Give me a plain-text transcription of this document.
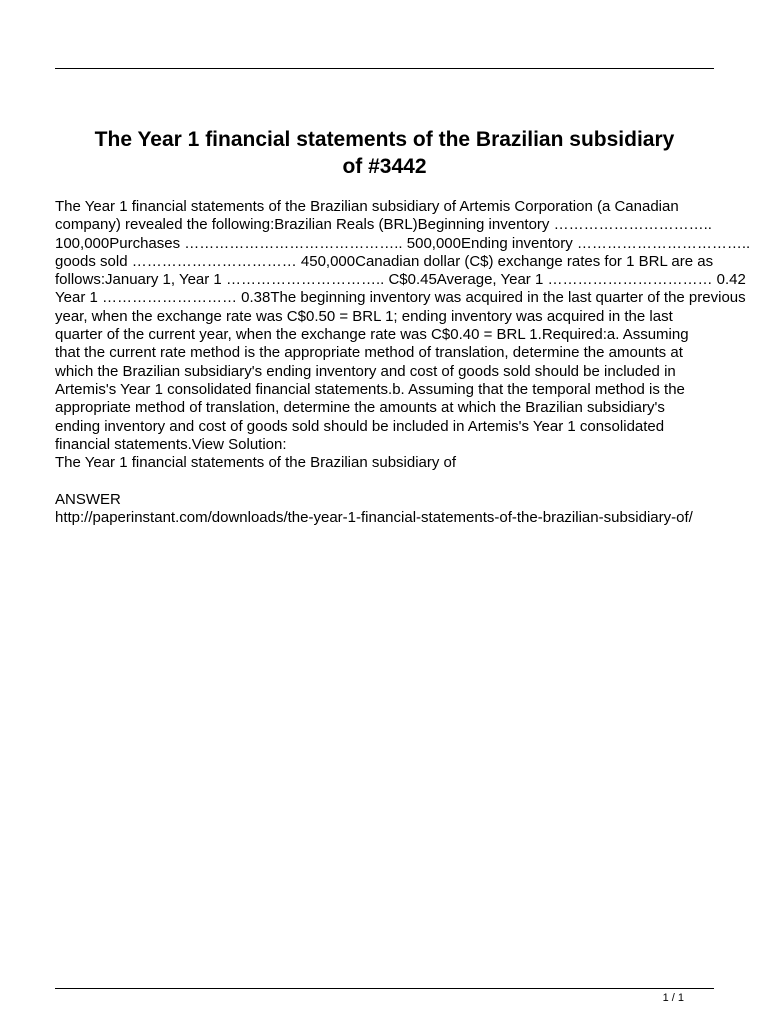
The Year 1 financial statements of the Brazilian subsidiary
of #3442
The Year 1 financial statements of the Brazilian subsidiary of Artemis Corporation (a Canadian
company) revealed the following:Brazilian Reals (BRL)Beginning inventory …………………………..
100,000Purchases …………………………………….. 500,000Ending inventory ……………………………..
goods sold …………………………… 450,000Canadian dollar (C$) exchange rates for 1 BRL are as
follows:January 1, Year 1 ………………………….. C$0.45Average, Year 1 …………………………… 0.42
Year 1 ……………………… 0.38The beginning inventory was acquired in the last quarter of the previous
year, when the exchange rate was C$0.50 = BRL 1; ending inventory was acquired in the last
quarter of the current year, when the exchange rate was C$0.40 = BRL 1.Required:a. Assuming
that the current rate method is the appropriate method of translation, determine the amounts at
which the Brazilian subsidiary's ending inventory and cost of goods sold should be included in
Artemis's Year 1 consolidated financial statements.b. Assuming that the temporal method is the
appropriate method of translation, determine the amounts at which the Brazilian subsidiary's
ending inventory and cost of goods sold should be included in Artemis's Year 1 consolidated
financial statements.View Solution:
The Year 1 financial statements of the Brazilian subsidiary of
ANSWER
http://paperinstant.com/downloads/the-year-1-financial-statements-of-the-brazilian-subsidiary-of/
1 / 1
